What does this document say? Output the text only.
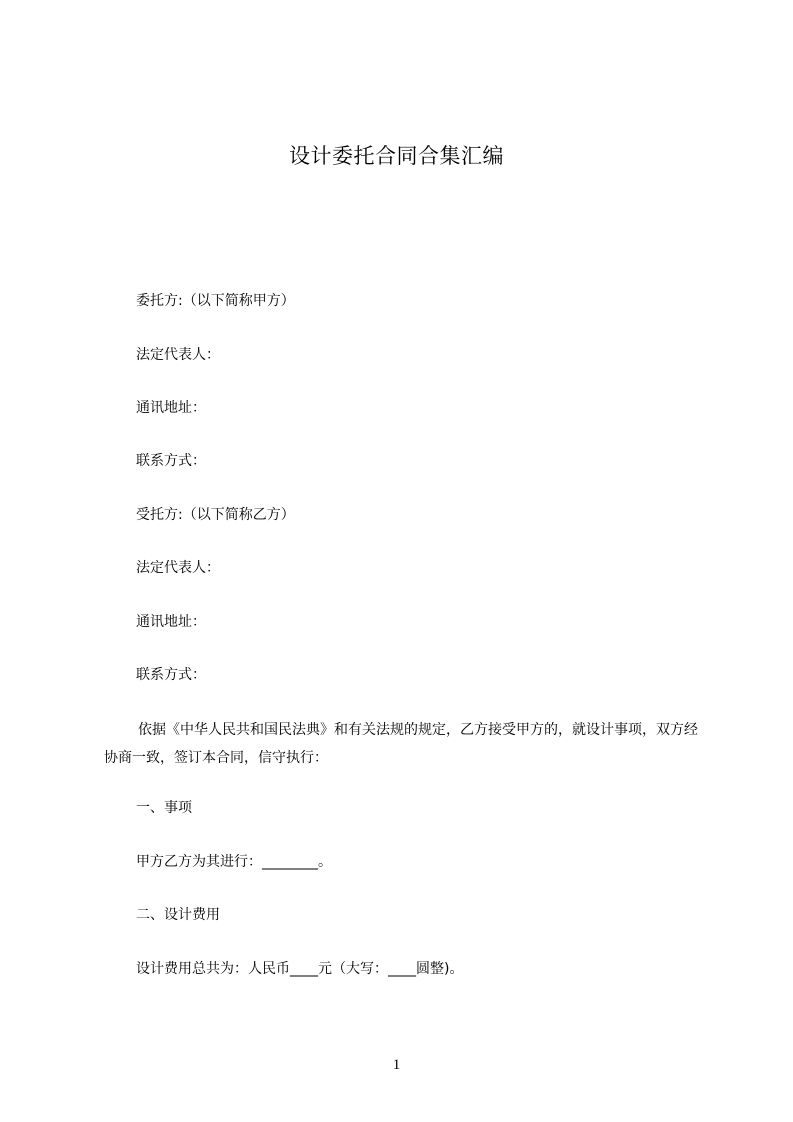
设计委托合同合集汇编
委托方:（以下简称甲方）
法定代表人：
通讯地址：
联系方式：
受托方:（以下简称乙方）
法定代表人：
通讯地址：
联系方式：
依据《中华人民共和国民法典》和有关法规的规定，乙方接受甲方的，就设计事项，双方经协商一致，签订本合同，信守执行：
一、事项
甲方乙方为其进行：________。
二、设计费用
设计费用总共为：人民币____元（大写：____圆整)。
1
